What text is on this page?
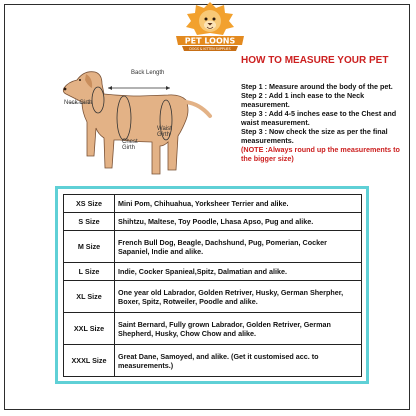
PET LOONS
DOGS & KITTEN SUPPLIES
Neck Girth
Back Length
Waist Girth
Chest Girth
HOW TO MEASURE YOUR PET
Step 1 : Measure around the body of the pet.
Step 2 : Add 1 inch ease to the Neck measurement.
Step 3 : Add 4-5 inches ease to the Chest and waist measurement.
Step 3 : Now check the size as per the final measurements.
(NOTE :Always round up the measurements to the bigger size)
XS Size	Mini Pom, Chihuahua, Yorksheer Terrier and alike.
S Size	Shihtzu, Maltese, Toy Poodle, Lhasa Apso, Pug and alike.
M Size	French Bull Dog, Beagle, Dachshund, Pug, Pomerian, Cocker Sapaniel, Indie and alike.
L Size	Indie, Cocker Spanieal,Spitz, Dalmatian and alike.
XL Size	One year old Labrador, Golden Retriver, Husky, German Sherpher, Boxer, Spitz, Rotweiler, Poodle and alike.
XXL Size	Saint Bernard, Fully grown Labrador, Golden Retriver, German Shepherd, Husky, Chow Chow and alike.
XXXL Size	Great Dane, Samoyed, and alike. (Get it customised acc. to measurements.)
